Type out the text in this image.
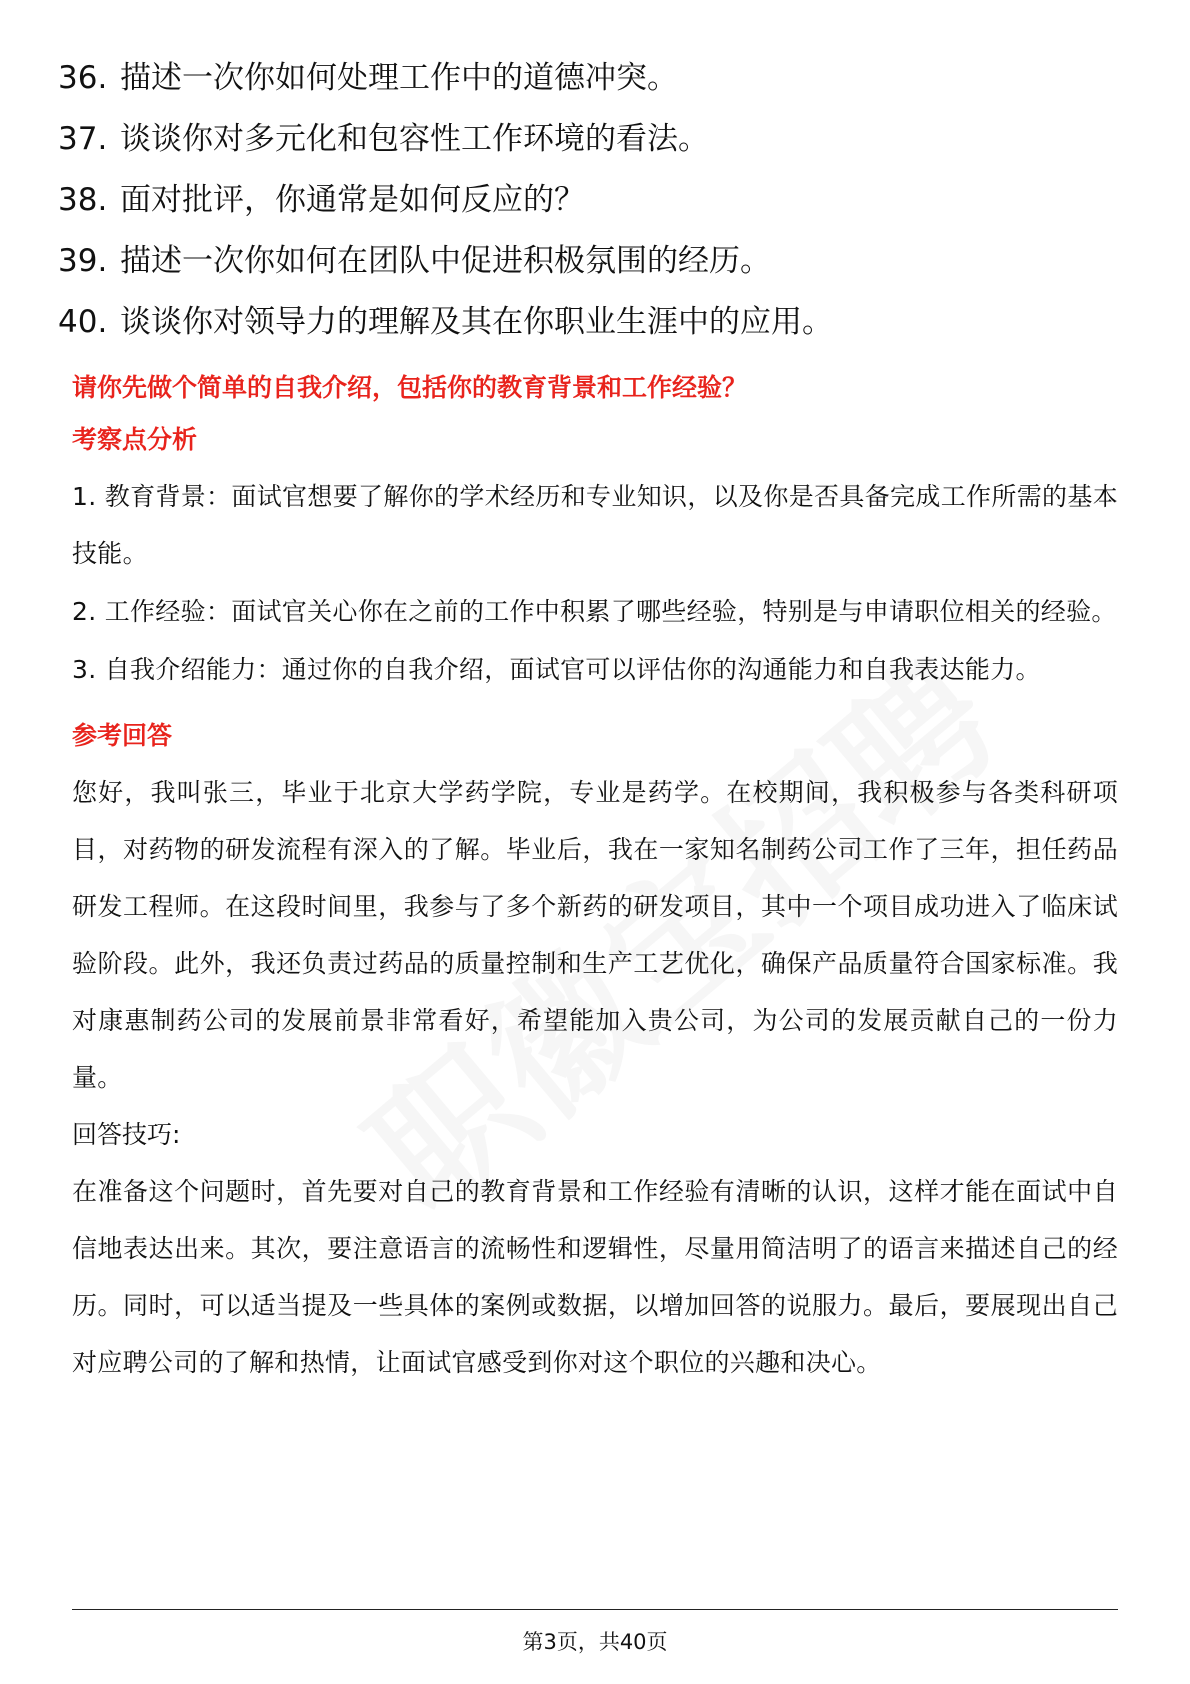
36. 描述一次你如何处理工作中的道德冲突。
37. 谈谈你对多元化和包容性工作环境的看法。
38. 面对批评，你通常是如何反应的？
39. 描述一次你如何在团队中促进积极氛围的经历。
40. 谈谈你对领导力的理解及其在你职业生涯中的应用。

请你先做个简单的自我介绍，包括你的教育背景和工作经验？

考察点分析

1. 教育背景：面试官想要了解你的学术经历和专业知识，以及你是否具备完成工作所需的基本技能。

2. 工作经验：面试官关心你在之前的工作中积累了哪些经验，特别是与申请职位相关的经验。

3. 自我介绍能力：通过你的自我介绍，面试官可以评估你的沟通能力和自我表达能力。

参考回答

您好，我叫张三，毕业于北京大学药学院，专业是药学。在校期间，我积极参与各类科研项目，对药物的研发流程有深入的了解。毕业后，我在一家知名制药公司工作了三年，担任药品研发工程师。在这段时间里，我参与了多个新药的研发项目，其中一个项目成功进入了临床试验阶段。此外，我还负责过药品的质量控制和生产工艺优化，确保产品质量符合国家标准。我对康惠制药公司的发展前景非常看好，希望能加入贵公司，为公司的发展贡献自己的一份力量。

回答技巧:

在准备这个问题时，首先要对自己的教育背景和工作经验有清晰的认识，这样才能在面试中自信地表达出来。其次，要注意语言的流畅性和逻辑性，尽量用简洁明了的语言来描述自己的经历。同时，可以适当提及一些具体的案例或数据，以增加回答的说服力。最后，要展现出自己对应聘公司的了解和热情，让面试官感受到你对这个职位的兴趣和决心。

第3页，共40页
